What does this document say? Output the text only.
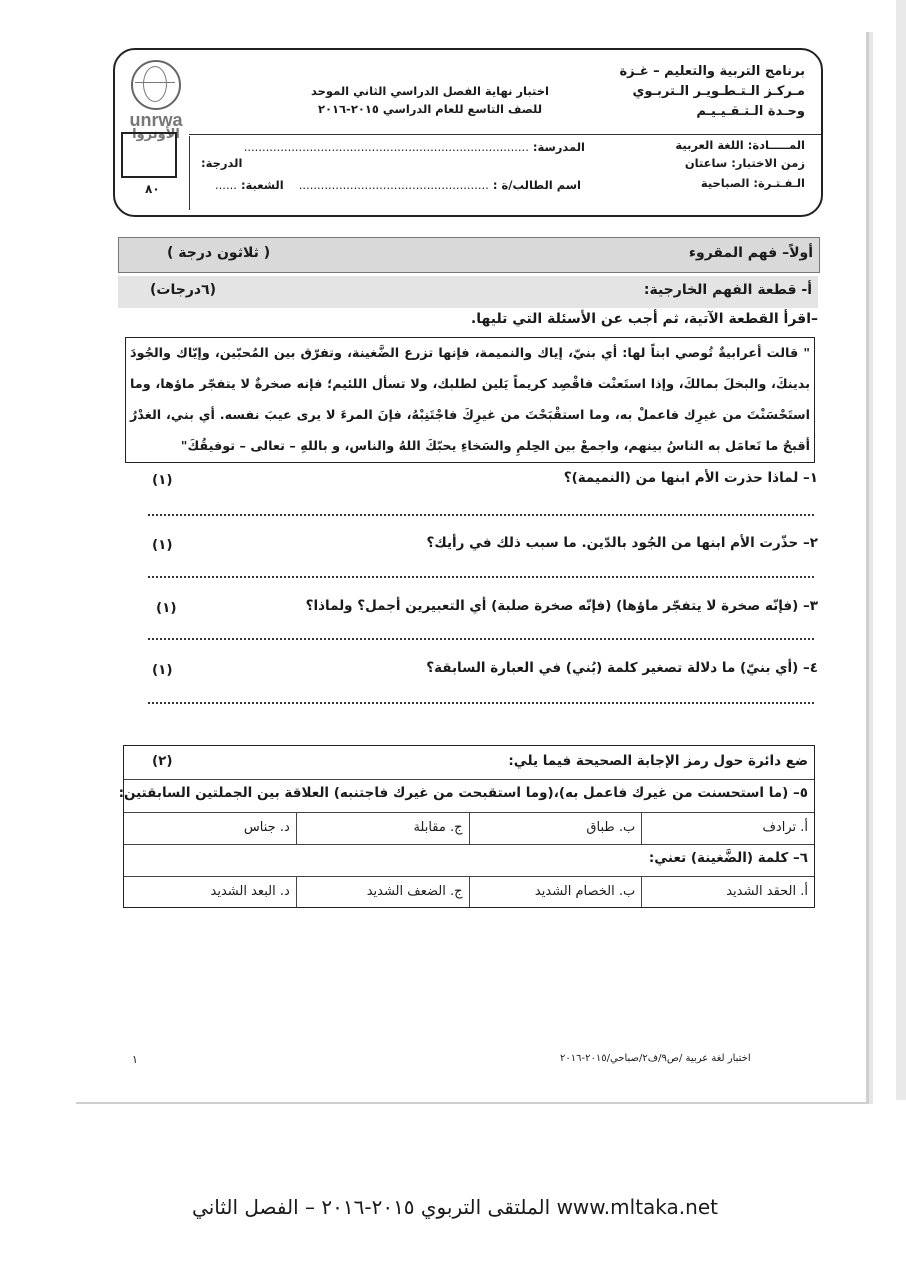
برنامج التربية والتعليم – غـزة
مـركـز الـتـطـويـر الـتربـوي
وحـدة الـتـقـيـيـم
اختبار نهاية الفصل الدراسي الثاني الموحد
للصف التاسع للعام الدراسي ٢٠١٥-٢٠١٦
unrwa
الأونروا
٨٠
المـــــادة: اللغة العربية
المدرسة: ..............................................................................
زمن الاختبار: ساعتان
الدرجة:
الـفـتـرة: الصباحية
اسم الطالب/ة : ....................................................
الشعبة: ......
أولاً– فهم المقروء
( ثلاثون درجة )
أ- قطعة الفهم الخارجية:
(٦درجات)
–اقرأ القطعة الآتية، ثم أجب عن الأسئلة التي تليها.
" قالت أعرابيةٌ تُوصي ابناً لها: أي بنيّ، إياك والنميمة، فإنها تزرع الضَّغينة، وتفرّق بين المُحبّين، وإيّاك والجُودَ بدينكَ، والبخلَ بمالكَ، وإذا استَعنْت فاقْصِد كريماً يَلين لطلبك، ولا تسأل اللئيم؛ فإنه صخرةٌ لا يتفجّر ماؤها، وما استَحْسَنْتَ من غيرِك فاعملْ به، وما استقْبَحْتَ من غيرِكَ فاجْتَنِبْهُ، فإنَ المرءَ لا يرى عيبَ نفسه. أي بني، الغدْرُ أقبحُ ما تَعامَل به الناسُ بينهم، واجمعْ بين الحِلمِ والسَخاءِ يحبّكَ اللهُ والناس، و باللهِ – تعالى – توفيقُكَ"
١– لماذا حذرت الأم ابنها من (النميمة)؟
(١)
٢– حذّرت الأم ابنها من الجُود بالدّين. ما سبب ذلك في رأيك؟
(١)
٣– (فإنّه صخرة لا يتفجّر ماؤها) (فإنّه صخرة صلبة) أي التعبيرين أجمل؟ ولماذا؟
(١)
٤– (أي بنيّ) ما دلالة تصغير كلمة (بُني) في العبارة السابقة؟
(١)
ضع دائرة حول رمز الإجابة الصحيحة فيما يلي:
(٢)
٥– (ما استحسنت من غيرك فاعمل به)،(وما استقبحت من غيرك فاجتنبه) العلاقة بين الجملتين السابقتين:
أ. ترادف
ب. طباق
ج. مقابلة
د. جناس
٦– كلمة (الضَّغينة) تعني:
أ. الحقد الشديد
ب. الخصام الشديد
ج. الضعف الشديد
د. البعد الشديد
اختبار لغة عربية /ص٩/ف٢/صباحي/٢٠١٥-٢٠١٦
١
www.mltaka.net الملتقى التربوي ٢٠١٥-٢٠١٦ – الفصل الثاني
